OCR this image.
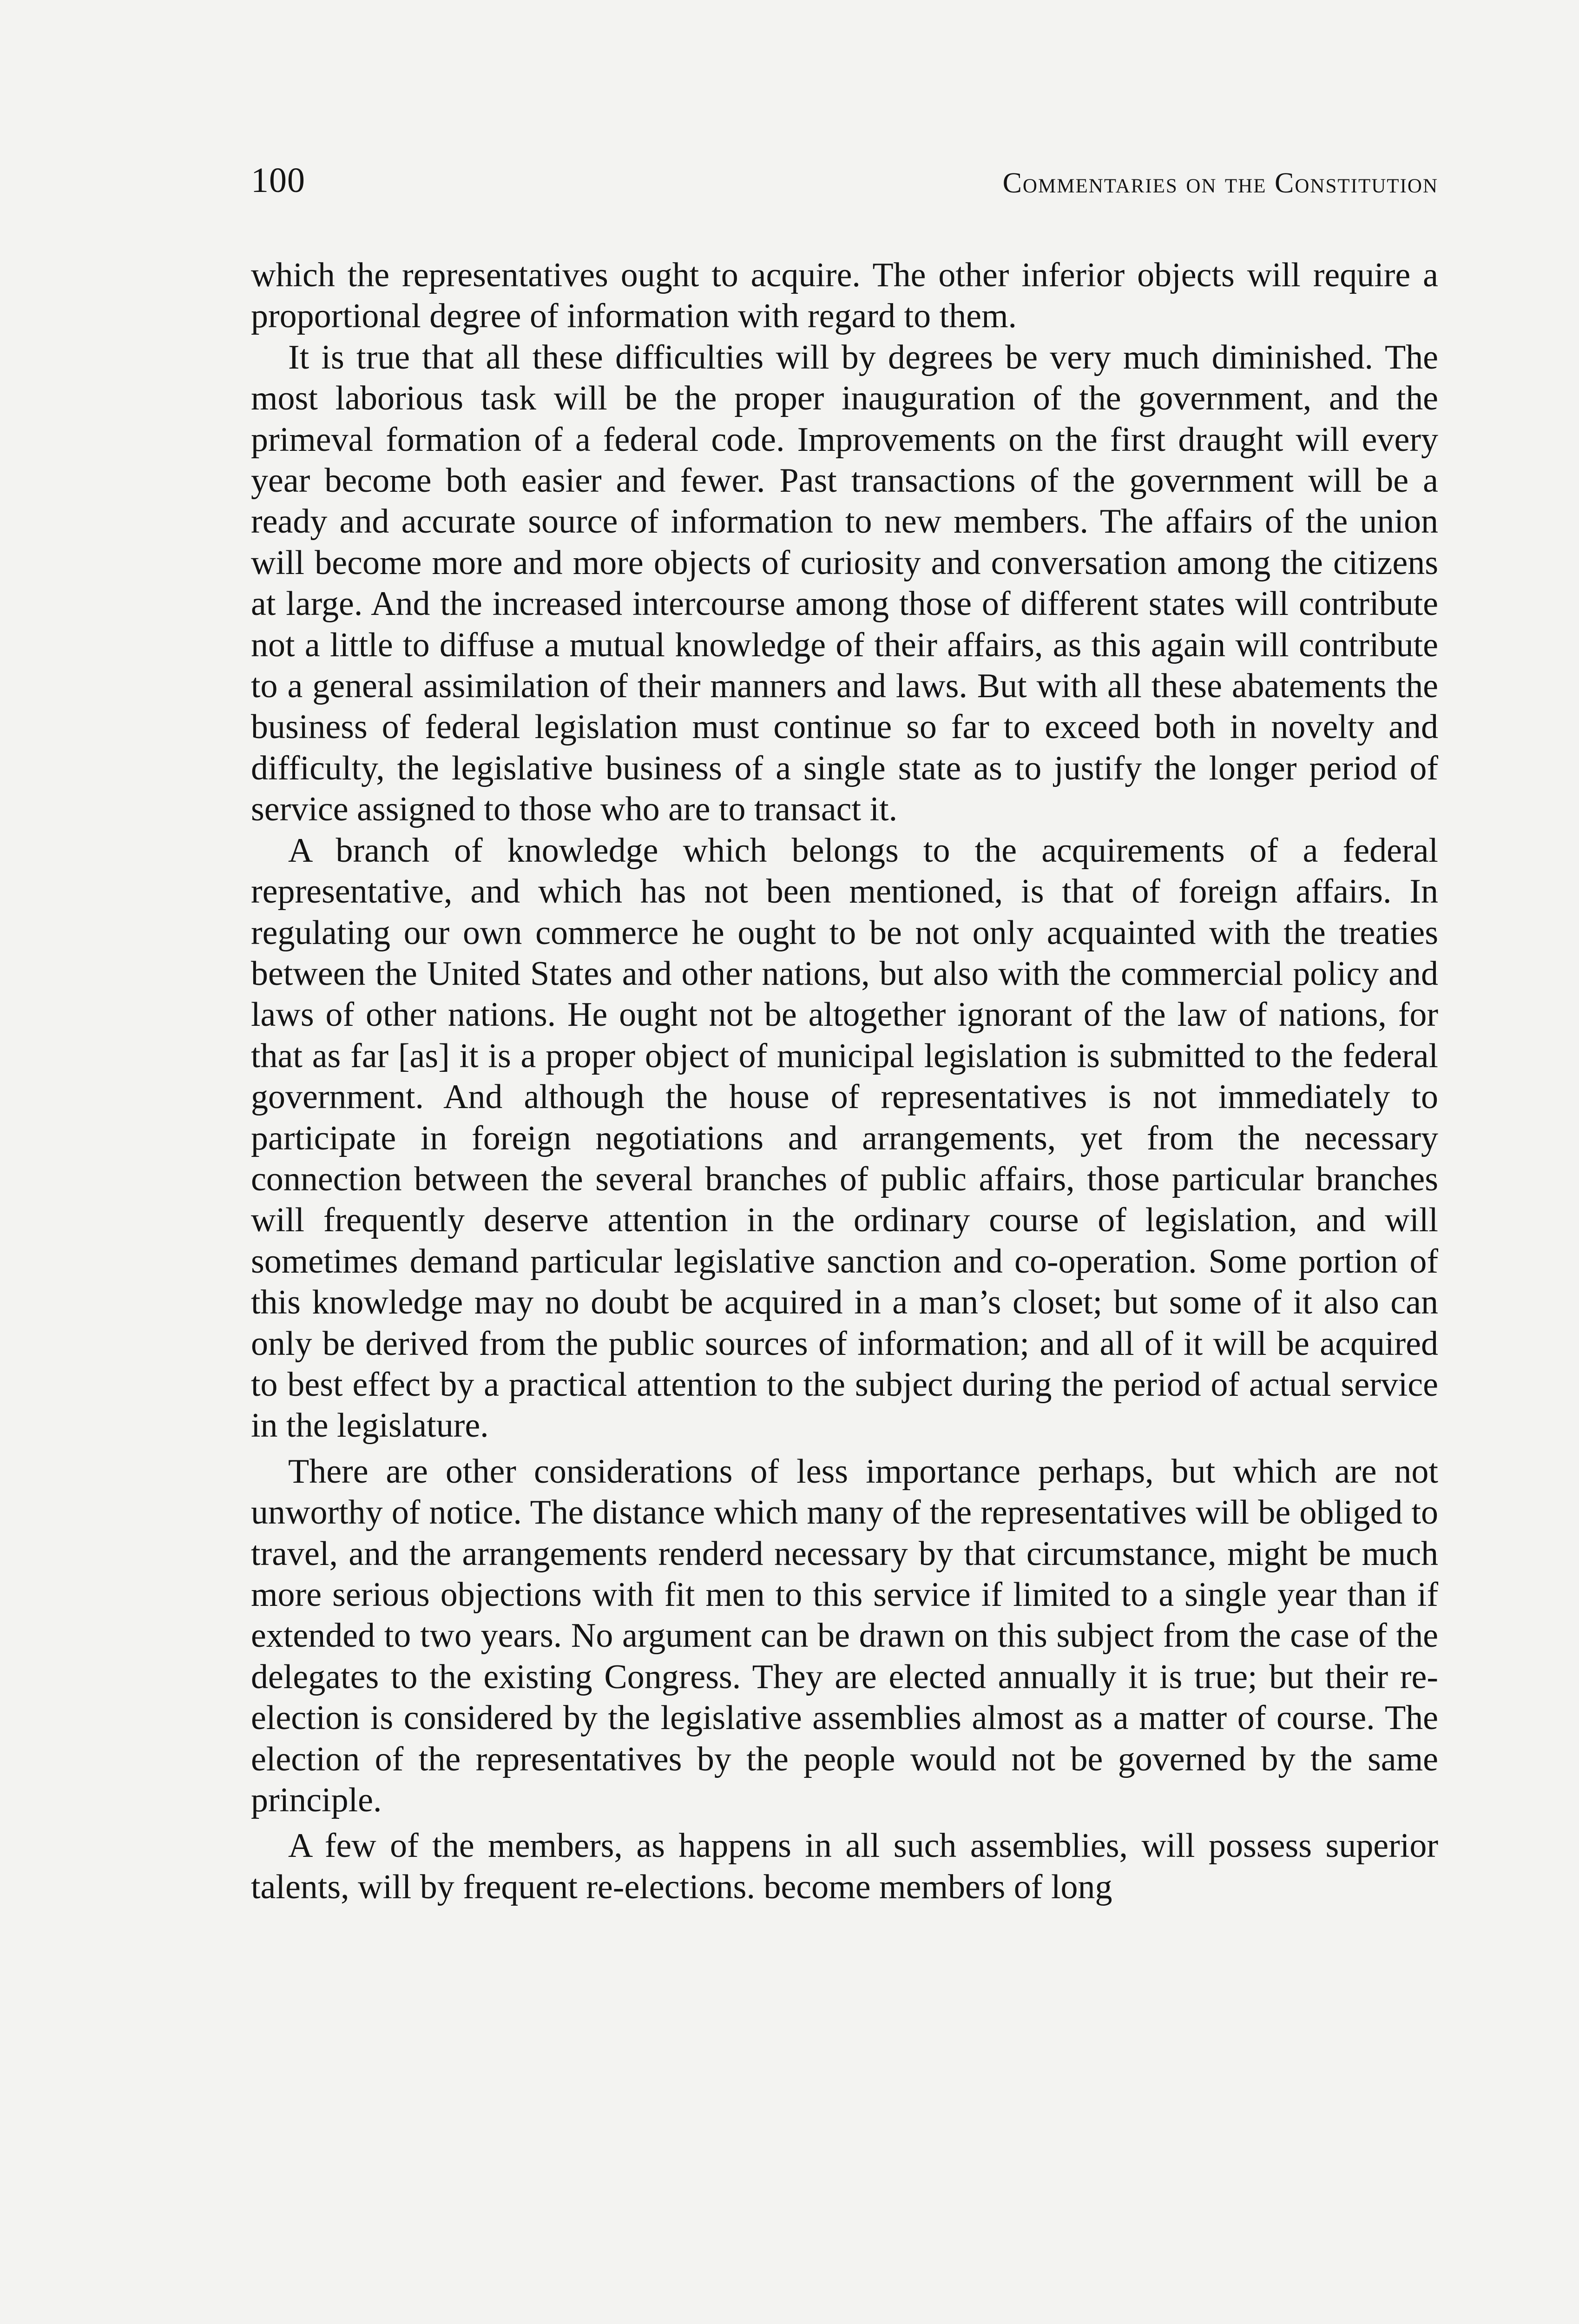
100	Commentaries on the Constitution

which the representatives ought to acquire. The other inferior objects will require a proportional degree of information with regard to them.

It is true that all these difficulties will by degrees be very much diminished. The most laborious task will be the proper inauguration of the government, and the primeval formation of a federal code. Improvements on the first draught will every year become both easier and fewer. Past transactions of the government will be a ready and accurate source of information to new members. The affairs of the union will become more and more objects of curiosity and conversation among the citizens at large. And the increased intercourse among those of different states will contribute not a little to diffuse a mutual knowledge of their affairs, as this again will contribute to a general assimilation of their manners and laws. But with all these abatements the business of federal legislation must continue so far to exceed both in novelty and difficulty, the legislative business of a single state as to justify the longer period of service assigned to those who are to transact it.

A branch of knowledge which belongs to the acquirements of a federal representative, and which has not been mentioned, is that of foreign affairs. In regulating our own commerce he ought to be not only acquainted with the treaties between the United States and other nations, but also with the commercial policy and laws of other nations. He ought not be altogether ignorant of the law of nations, for that as far [as] it is a proper object of municipal legislation is submitted to the federal government. And although the house of representatives is not immediately to participate in foreign negotiations and arrangements, yet from the necessary connection between the several branches of public affairs, those particular branches will frequently deserve attention in the ordinary course of legislation, and will sometimes demand particular legislative sanction and co-operation. Some portion of this knowledge may no doubt be acquired in a man’s closet; but some of it also can only be derived from the public sources of information; and all of it will be acquired to best effect by a practical attention to the subject during the period of actual service in the legislature.

There are other considerations of less importance perhaps, but which are not unworthy of notice. The distance which many of the representatives will be obliged to travel, and the arrangements renderd necessary by that circumstance, might be much more serious objections with fit men to this service if limited to a single year than if extended to two years. No argument can be drawn on this subject from the case of the delegates to the existing Congress. They are elected annually it is true; but their re-election is considered by the legislative assemblies almost as a matter of course. The election of the representatives by the people would not be governed by the same principle.

A few of the members, as happens in all such assemblies, will possess superior talents, will by frequent re-elections. become members of long
